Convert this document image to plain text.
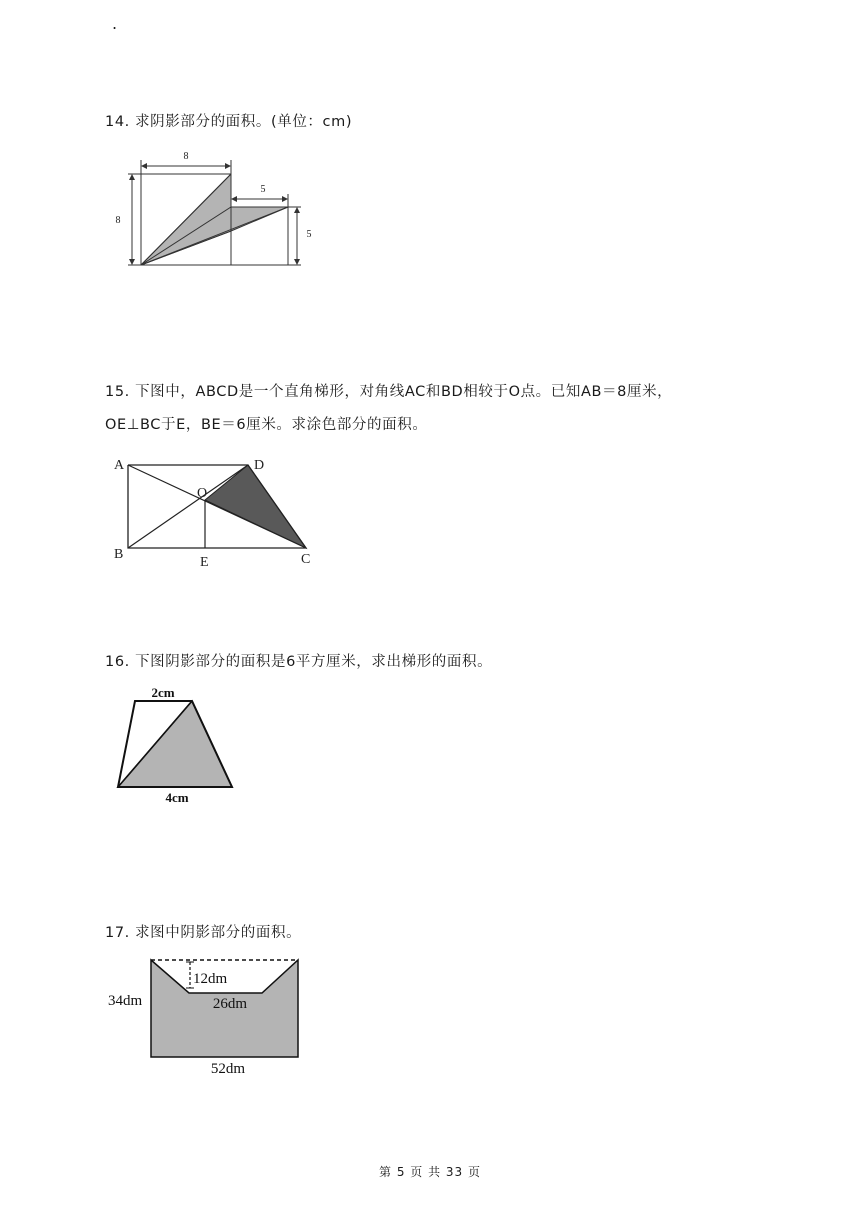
.
14. 求阴影部分的面积。(单位：cm)
8
8
5
5
A	D
O
B
E	C
2cm
4cm
12dm
26dm
34dm
52dm
15. 下图中，ABCD是一个直角梯形，对角线AC和BD相较于O点。已知AB＝8厘米，
OE⊥BC于E，BE＝6厘米。求涂色部分的面积。
16. 下图阴影部分的面积是6平方厘米，求出梯形的面积。
17. 求图中阴影部分的面积。
第 5 页 共 33 页
